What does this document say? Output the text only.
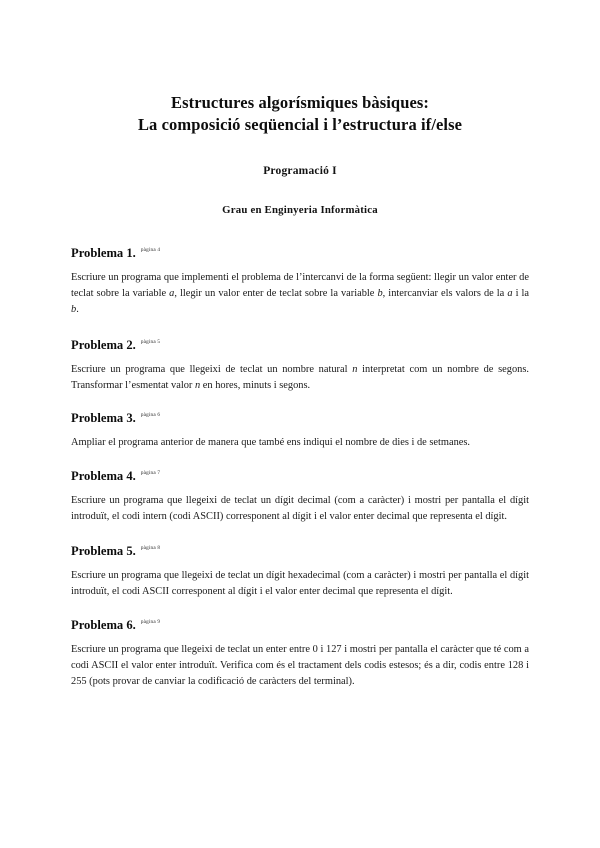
Estructures algorísmiques bàsiques:
La composició seqüencial i l’estructura if/else
Programació I
Grau en Enginyeria Informàtica
Problema 1. $^{pàgina 4}$

Escriure un programa que implementi el problema de l’intercanvi de la forma següent: llegir un valor enter de teclat sobre la variable a, llegir un valor enter de teclat sobre la variable b, intercanviar els valors de la a i la b.

Problema 2. $^{pàgina 5}$

Escriure un programa que llegeixi de teclat un nombre natural n interpretat com un nombre de segons. Transformar l’esmentat valor n en hores, minuts i segons.

Problema 3. $^{pàgina 6}$

Ampliar el programa anterior de manera que també ens indiqui el nombre de dies i de setmanes.

Problema 4. $^{pàgina 7}$

Escriure un programa que llegeixi de teclat un dígit decimal (com a caràcter) i mostri per pantalla el dígit introduït, el codi intern (codi ASCII) corresponent al dígit i el valor enter decimal que representa el dígit.

Problema 5. $^{pàgina 8}$

Escriure un programa que llegeixi de teclat un dígit hexadecimal (com a caràcter) i mostri per pantalla el dígit introduït, el codi ASCII corresponent al dígit i el valor enter decimal que representa el dígit.

Problema 6. $^{pàgina 9}$

Escriure un programa que llegeixi de teclat un enter entre 0 i 127 i mostri per pantalla el caràcter que té com a codi ASCII el valor enter introduït. Verifica com és el tractament dels codis estesos; és a dir, codis entre 128 i 255 (pots provar de canviar la codificació de caràcters del terminal).
